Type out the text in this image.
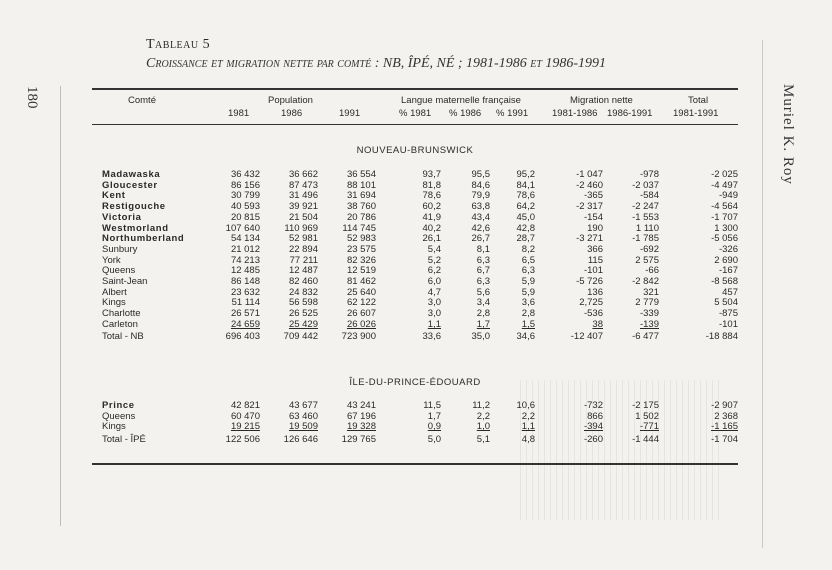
180	Muriel K. Roy
Tableau 5
Croissance et migration nette par comté : NB, ÎPÉ, NÉ ; 1981-1986 et 1986-1991
Comté	Population	Langue maternelle française	Migration nette	Total
1981	1986	1991	% 1981 % 1986 % 1991	1981-1986 1986-1991 1981-1991
NOUVEAU-BRUNSWICK
Madawaska	36 432	36 662	36 554	93,7	95,5	95,2	-1 047	-978	-2 025
Gloucester	86 156	87 473	88 101	81,8	84,6	84,1	-2 460	-2 037	-4 497
Kent	30 799	31 496	31 694	78,6	79,9	78,6	-365	-584	-949
Restigouche	40 593	39 921	38 760	60,2	63,8	64,2	-2 317	-2 247	-4 564
Victoria	20 815	21 504	20 786	41,9	43,4	45,0	-154	-1 553	-1 707
Westmorland	107 640	110 969	114 745	40,2	42,6	42,8	190	1 110	1 300
Northumberland	54 134	52 981	52 983	26,1	26,7	28,7	-3 271	-1 785	-5 056
Sunbury	21 012	22 894	23 575	5,4	8,1	8,2	366	-692	-326
York	74 213	77 211	82 326	5,2	6,3	6,5	115	2 575	2 690
Queens	12 485	12 487	12 519	6,2	6,7	6,3	-101	-66	-167
Saint-Jean	86 148	82 460	81 462	6,0	6,3	5,9	-5 726	-2 842	-8 568
Albert	23 632	24 832	25 640	4,7	5,6	5,9	136	321	457
Kings	51 114	56 598	62 122	3,0	3,4	3,6	2,725	2 779	5 504
Charlotte	26 571	26 525	26 607	3,0	2,8	2,8	-536	-339	-875
Carleton	24 659	25 429	26 026	1,1	1,7	1,5	38	-139	-101
Total - NB	696 403	709 442	723 900	33,6	35,0	34,6	-12 407	-6 477	-18 884
ÎLE-DU-PRINCE-ÉDOUARD
Prince	42 821	43 677	43 241	11,5	11,2	10,6	-732	-2 175	-2 907
Queens	60 470	63 460	67 196	1,7	2,2	2,2	866	1 502	2 368
Kings	19 215	19 509	19 328	0,9	1,0	1,1	-394	-771	-1 165
Total - ÎPÉ	122 506	126 646	129 765	5,0	5,1	4,8	-260	-1 444	-1 704
